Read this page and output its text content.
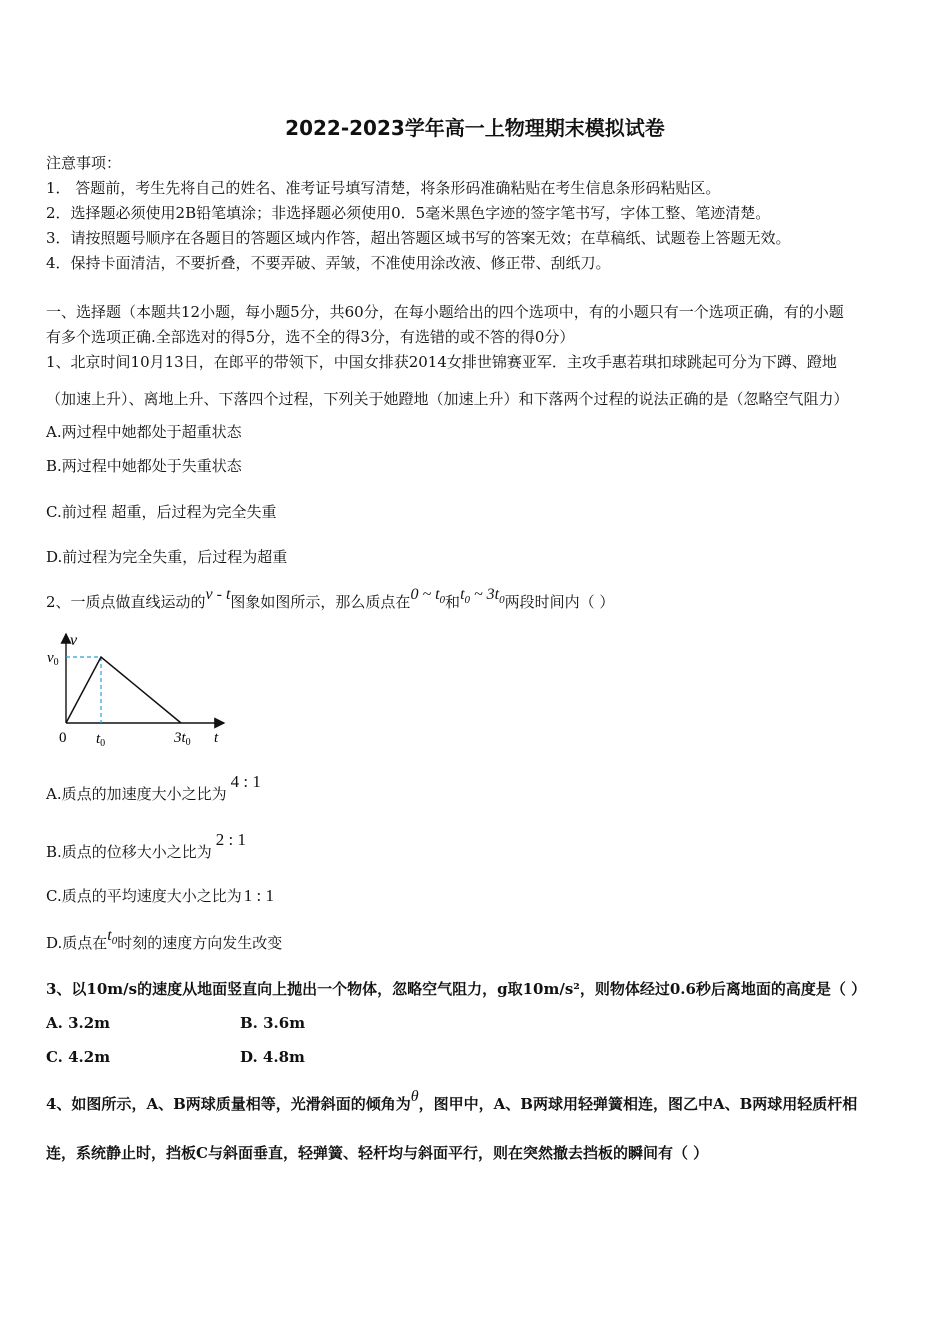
2022-2023学年高一上物理期末模拟试卷
注意事项：
1． 答题前，考生先将自己的姓名、准考证号填写清楚，将条形码准确粘贴在考生信息条形码粘贴区。
2．选择题必须使用2B铅笔填涂；非选择题必须使用0．5毫米黑色字迹的签字笔书写，字体工整、笔迹清楚。
3．请按照题号顺序在各题目的答题区域内作答，超出答题区域书写的答案无效；在草稿纸、试题卷上答题无效。
4．保持卡面清洁，不要折叠，不要弄破、弄皱，不准使用涂改液、修正带、刮纸刀。
一、选择题（本题共12小题，每小题5分，共60分，在每小题给出的四个选项中，有的小题只有一个选项正确，有的小题
有多个选项正确.全部选对的得5分，选不全的得3分，有选错的或不答的得0分）
1、北京时间10月13日，在郎平的带领下，中国女排获2014女排世锦赛亚军．主攻手惠若琪扣球跳起可分为下蹲、蹬地
（加速上升）、离地上升、下落四个过程，下列关于她蹬地（加速上升）和下落两个过程的说法正确的是（忽略空气阻力）
A.两过程中她都处于超重状态
B.两过程中她都处于失重状态
C.前过程 超重，后过程为完全失重
D.前过程为完全失重，后过程为超重
2、一质点做直线运动的v - t图象如图所示，那么质点在0 ~ $t_0$和$t_0$ ~ $3t_0$两段时间内（ ）
v
$v_0$
0 $t_0$	$3t_0$ t
A.质点的加速度大小之比为4 : 1
B.质点的位移大小之比为2 : 1
C.质点的平均速度大小之比为 1 : 1
D.质点在$t_0$时刻的速度方向发生改变
3、以10m/s的速度从地面竖直向上抛出一个物体，忽略空气阻力，g取10m/s²，则物体经过0.6秒后离地面的高度是（ ）
A. 3.2m	B. 3.6m
C. 4.2m	D. 4.8m
4、如图所示，A、B两球质量相等，光滑斜面的倾角为θ，图甲中，A、B两球用轻弹簧相连，图乙中A、B两球用轻质杆相
连，系统静止时，挡板C与斜面垂直，轻弹簧、轻杆均与斜面平行，则在突然撤去挡板的瞬间有（ ）
